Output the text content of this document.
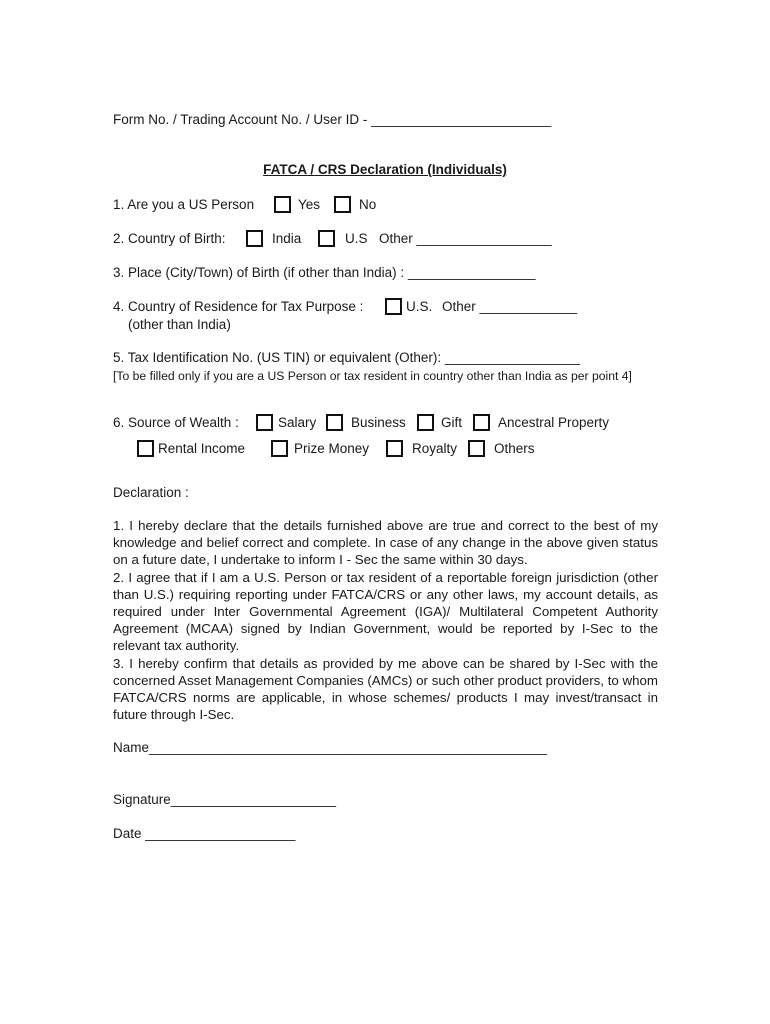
Form No. / Trading Account No. / User ID - ________________________
FATCA / CRS Declaration (Individuals)
1. Are you a US Person	Yes	No
2. Country of Birth:	India	U.S Other __________________
3. Place (City/Town) of Birth (if other than India) : _________________
4. Country of Residence for Tax Purpose :	U.S. Other _____________
(other than India)
5. Tax Identification No. (US TIN) or equivalent (Other): __________________
[To be filled only if you are a US Person or tax resident in country other than India as per point 4]
6. Source of Wealth :	Salary	Business	Gift	Ancestral Property
Rental Income	Prize Money	Royalty	Others
Declaration :

1. I hereby declare that the details furnished above are true and correct to the best of my knowledge and belief correct and complete. In case of any change in the above given status on a future date, I undertake to inform I - Sec the same within 30 days.

2. I agree that if I am a U.S. Person or tax resident of a reportable foreign jurisdiction (other than U.S.) requiring reporting under FATCA/CRS or any other laws, my account details, as required under Inter Governmental Agreement (IGA)/ Multilateral Competent Authority Agreement (MCAA) signed by Indian Government, would be reported by I-Sec to the relevant tax authority.

3. I hereby confirm that details as provided by me above can be shared by I-Sec with the concerned Asset Management Companies (AMCs) or such other product providers, to whom FATCA/CRS norms are applicable, in whose schemes/ products I may invest/transact in future through I-Sec.

Name_____________________________________________________
Signature______________________
Date ____________________
